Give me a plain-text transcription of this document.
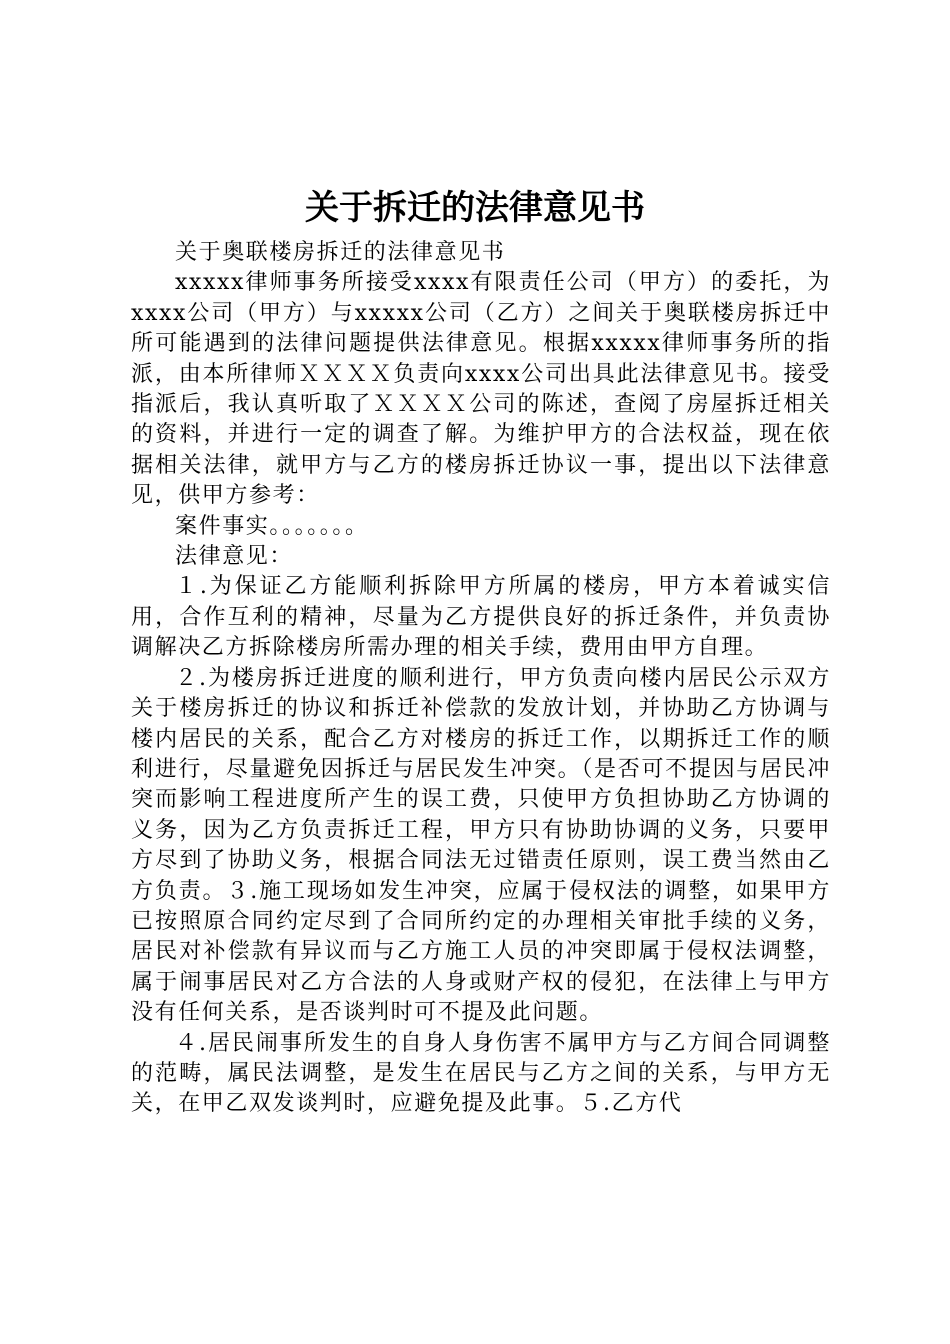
关于拆迁的法律意见书

关于奥联楼房拆迁的法律意见书

xxxxx律师事务所接受xxxx有限责任公司（甲方）的委托，为xxxx公司（甲方）与xxxxx公司（乙方）之间关于奥联楼房拆迁中所可能遇到的法律问题提供法律意见。根据xxxxx律师事务所的指派，由本所律师ＸＸＸＸ负责向xxxx公司出具此法律意见书。接受指派后，我认真听取了ＸＸＸＸ公司的陈述，查阅了房屋拆迁相关的资料，并进行一定的调查了解。为维护甲方的合法权益，现在依据相关法律，就甲方与乙方的楼房拆迁协议一事，提出以下法律意见，供甲方参考：

案件事实。。。。。。。

法律意见：

１.为保证乙方能顺利拆除甲方所属的楼房，甲方本着诚实信用，合作互利的精神，尽量为乙方提供良好的拆迁条件，并负责协调解决乙方拆除楼房所需办理的相关手续，费用由甲方自理。

２.为楼房拆迁进度的顺利进行，甲方负责向楼内居民公示双方关于楼房拆迁的协议和拆迁补偿款的发放计划，并协助乙方协调与楼内居民的关系，配合乙方对楼房的拆迁工作，以期拆迁工作的顺利进行，尽量避免因拆迁与居民发生冲突。（是否可不提因与居民冲突而影响工程进度所产生的误工费，只使甲方负担协助乙方协调的义务，因为乙方负责拆迁工程，甲方只有协助协调的义务，只要甲方尽到了协助义务，根据合同法无过错责任原则，误工费当然由乙方负责。３.施工现场如发生冲突，应属于侵权法的调整，如果甲方已按照原合同约定尽到了合同所约定的办理相关审批手续的义务，居民对补偿款有异议而与乙方施工人员的冲突即属于侵权法调整，属于闹事居民对乙方合法的人身或财产权的侵犯，在法律上与甲方没有任何关系，是否谈判时可不提及此问题。

４.居民闹事所发生的自身人身伤害不属甲方与乙方间合同调整的范畴，属民法调整，是发生在居民与乙方之间的关系，与甲方无关，在甲乙双发谈判时，应避免提及此事。５.乙方代
